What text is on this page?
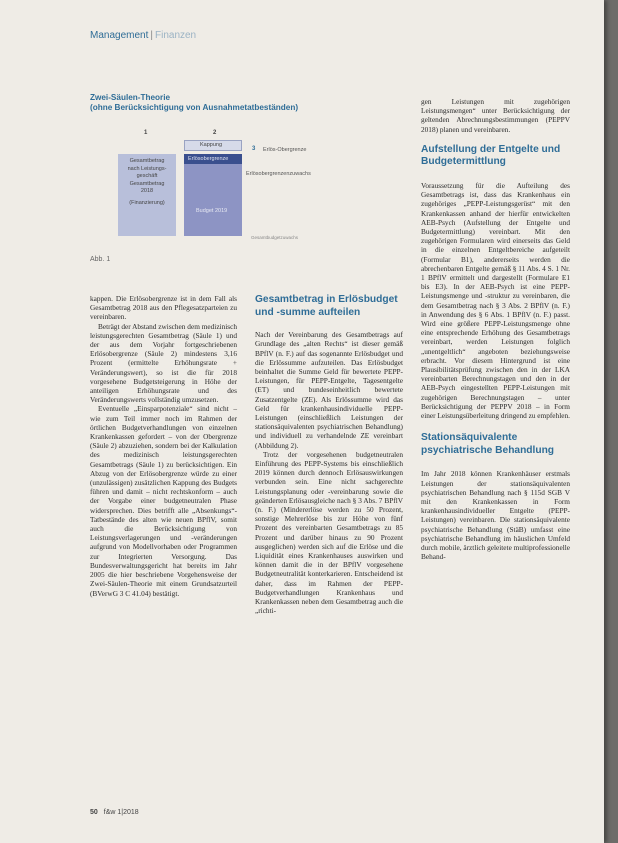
Management | Finanzen
Zwei-Säulen-Theorie
(ohne Berücksichtigung von Ausnahmetatbeständen)
1	2
Gesamtbetrag
nach Leistungs-
geschäft
Gesamtbetrag
2018
(Finanzierung)
Kappung
Erlösobergrenze
Budget 2019
3 Erlös-Obergrenze
Erlösobergrenzenzuwachs
Gesamtbudgetzuwachs
Abb. 1

kappen. Die Erlösobergrenze ist in dem Fall als Gesamtbetrag 2018 aus den Pflegesatzparteien zu vereinbaren.

Beträgt der Abstand zwischen dem medizinisch leistungsgerechten Gesamtbetrag (Säule 1) und der aus dem Vorjahr fortgeschriebenen Erlösobergrenze (Säule 2) mindestens 3,16 Prozent (ermittelte Erhöhungsrate + Veränderungswert), so ist die für 2018 vorgesehene Budgetsteigerung in Höhe der anteiligen Erhöhungsrate und des Veränderungswerts vollständig umzusetzen.

Eventuelle „Einsparpotenziale“ sind nicht – wie zum Teil immer noch im Rahmen der örtlichen Budgetverhandlungen von einzelnen Krankenkassen gefordert – von der Obergrenze (Säule 2) abzuziehen, sondern bei der Kalkulation des medizinisch leistungsgerechten Gesamtbetrags (Säule 1) zu berücksichtigen. Ein Abzug von der Erlösobergrenze würde zu einer (unzulässigen) zusätzlichen Kappung des Budgets führen und damit – nicht rechtskonform – auch der Vorgabe einer budgetneutralen Phase widersprechen. Dies betrifft alle „Absenkungs“-Tatbestände des alten wie neuen BPflV, somit auch die Berücksichtigung von Leistungsverlagerungen und -veränderungen aufgrund von Modellvorhaben oder Programmen zur Integrierten Versorgung. Das Bundesverwaltungsgericht hat bereits im Jahr 2005 die hier beschriebene Vorgehensweise der Zwei-Säulen-Theorie mit einem Grundsatzurteil (BVerwG 3 C 41.04) bestätigt.

Gesamtbetrag in Erlösbudget und -summe aufteilen

Nach der Vereinbarung des Gesamtbetrags auf Grundlage des „alten Rechts“ ist dieser gemäß BPflV (n. F.) auf das sogenannte Erlösbudget und die Erlössumme aufzuteilen. Das Erlösbudget beinhaltet die Summe Geld für bewertete PEPP-Leistungen, für PEPP-Entgelte, Tagesentgelte (ET) und bundeseinheitlich bewertete Zusatzentgelte (ZE). Als Erlössumme wird das Geld für krankenhausindividuelle PEPP-Leistungen (einschließlich Leistungen der stationsäquivalenten psychiatrischen Behandlung) und individuell zu verhandelnde ZE vereinbart (Abbildung 2).

Trotz der vorgesehenen budgetneutralen Einführung des PEPP-Systems bis einschließlich 2019 können durch dennoch Erlösauswirkungen verbunden sein. Eine nicht sachgerechte Leistungsplanung oder -vereinbarung sowie die geänderten Erlösausgleiche nach § 3 Abs. 7 BPflV (n. F.) (Mindererlöse werden zu 50 Prozent, sonstige Mehrerlöse bis zur Höhe von fünf Prozent des vereinbarten Gesamtbetrags zu 85 Prozent und darüber hinaus zu 90 Prozent ausgeglichen) werden sich auf die Erlöse und die Liquidität eines Krankenhauses auswirken und können damit die in der BPflV vorgesehene Budgetneutralität konterkarieren. Entscheidend ist daher, dass im Rahmen der PEPP-Budgetverhandlungen Krankenhaus und Krankenkassen neben dem Gesamtbetrag auch die „richti-

gen Leistungen mit zugehörigen Leistungsmengen“ unter Berücksichtigung der geltenden Abrechnungsbestimmungen (PEPPV 2018) planen und vereinbaren.

Aufstellung der Entgelte und Budgetermittlung

Voraussetzung für die Aufteilung des Gesamtbetrags ist, dass das Krankenhaus ein zugehöriges „PEPP-Leistungsgerüst“ mit den Krankenkassen anhand der hierfür entwickelten AEB-Psych (Aufstellung der Entgelte und Budgetermittlung) vereinbart. Mit den zugehörigen Formularen wird einerseits das Geld in die einzelnen Entgeltbereiche aufgeteilt (Formular B1), andererseits werden die abrechenbaren Entgelte gemäß § 11 Abs. 4 S. 1 Nr. 1 BPflV ermittelt und dargestellt (Formulare E1 bis E3). In der AEB-Psych ist eine PEPP-Leistungsmenge und -struktur zu vereinbaren, die dem Gesamtbetrag nach § 3 Abs. 2 BPflV (n. F.) in Anwendung des § 6 Abs. 1 BPflV (n. F.) passt. Wird eine größere PEPP-Leistungsmenge ohne eine entsprechende Erhöhung des Gesamtbetrags vereinbart, werden Leistungen folglich „unentgeltlich“ angeboten beziehungsweise erbracht. Vor diesem Hintergrund ist eine Plausibilitätsprüfung zwischen den in der LKA vereinbarten Berechnungstagen und den in der AEB-Psych eingestellten PEPP-Leistungen mit zugehörigen Berechnungstagen – unter Berücksichtigung der PEPPV 2018 – in Form einer Leistungsüberleitung dringend zu empfehlen.

Stationsäquivalente psychiatrische Behandlung

Im Jahr 2018 können Krankenhäuser erstmals Leistungen der stationsäquivalenten psychiatrischen Behandlung nach § 115d SGB V mit den Krankenkassen in Form krankenhausindividueller Entgelte (PEPP-Leistungen) vereinbaren. Die stationsäquivalente psychiatrische Behandlung (StäB) umfasst eine psychiatrische Behandlung im häuslichen Umfeld durch mobile, ärztlich geleitete multiprofessionelle Behand-

50 f&w 1|2018
